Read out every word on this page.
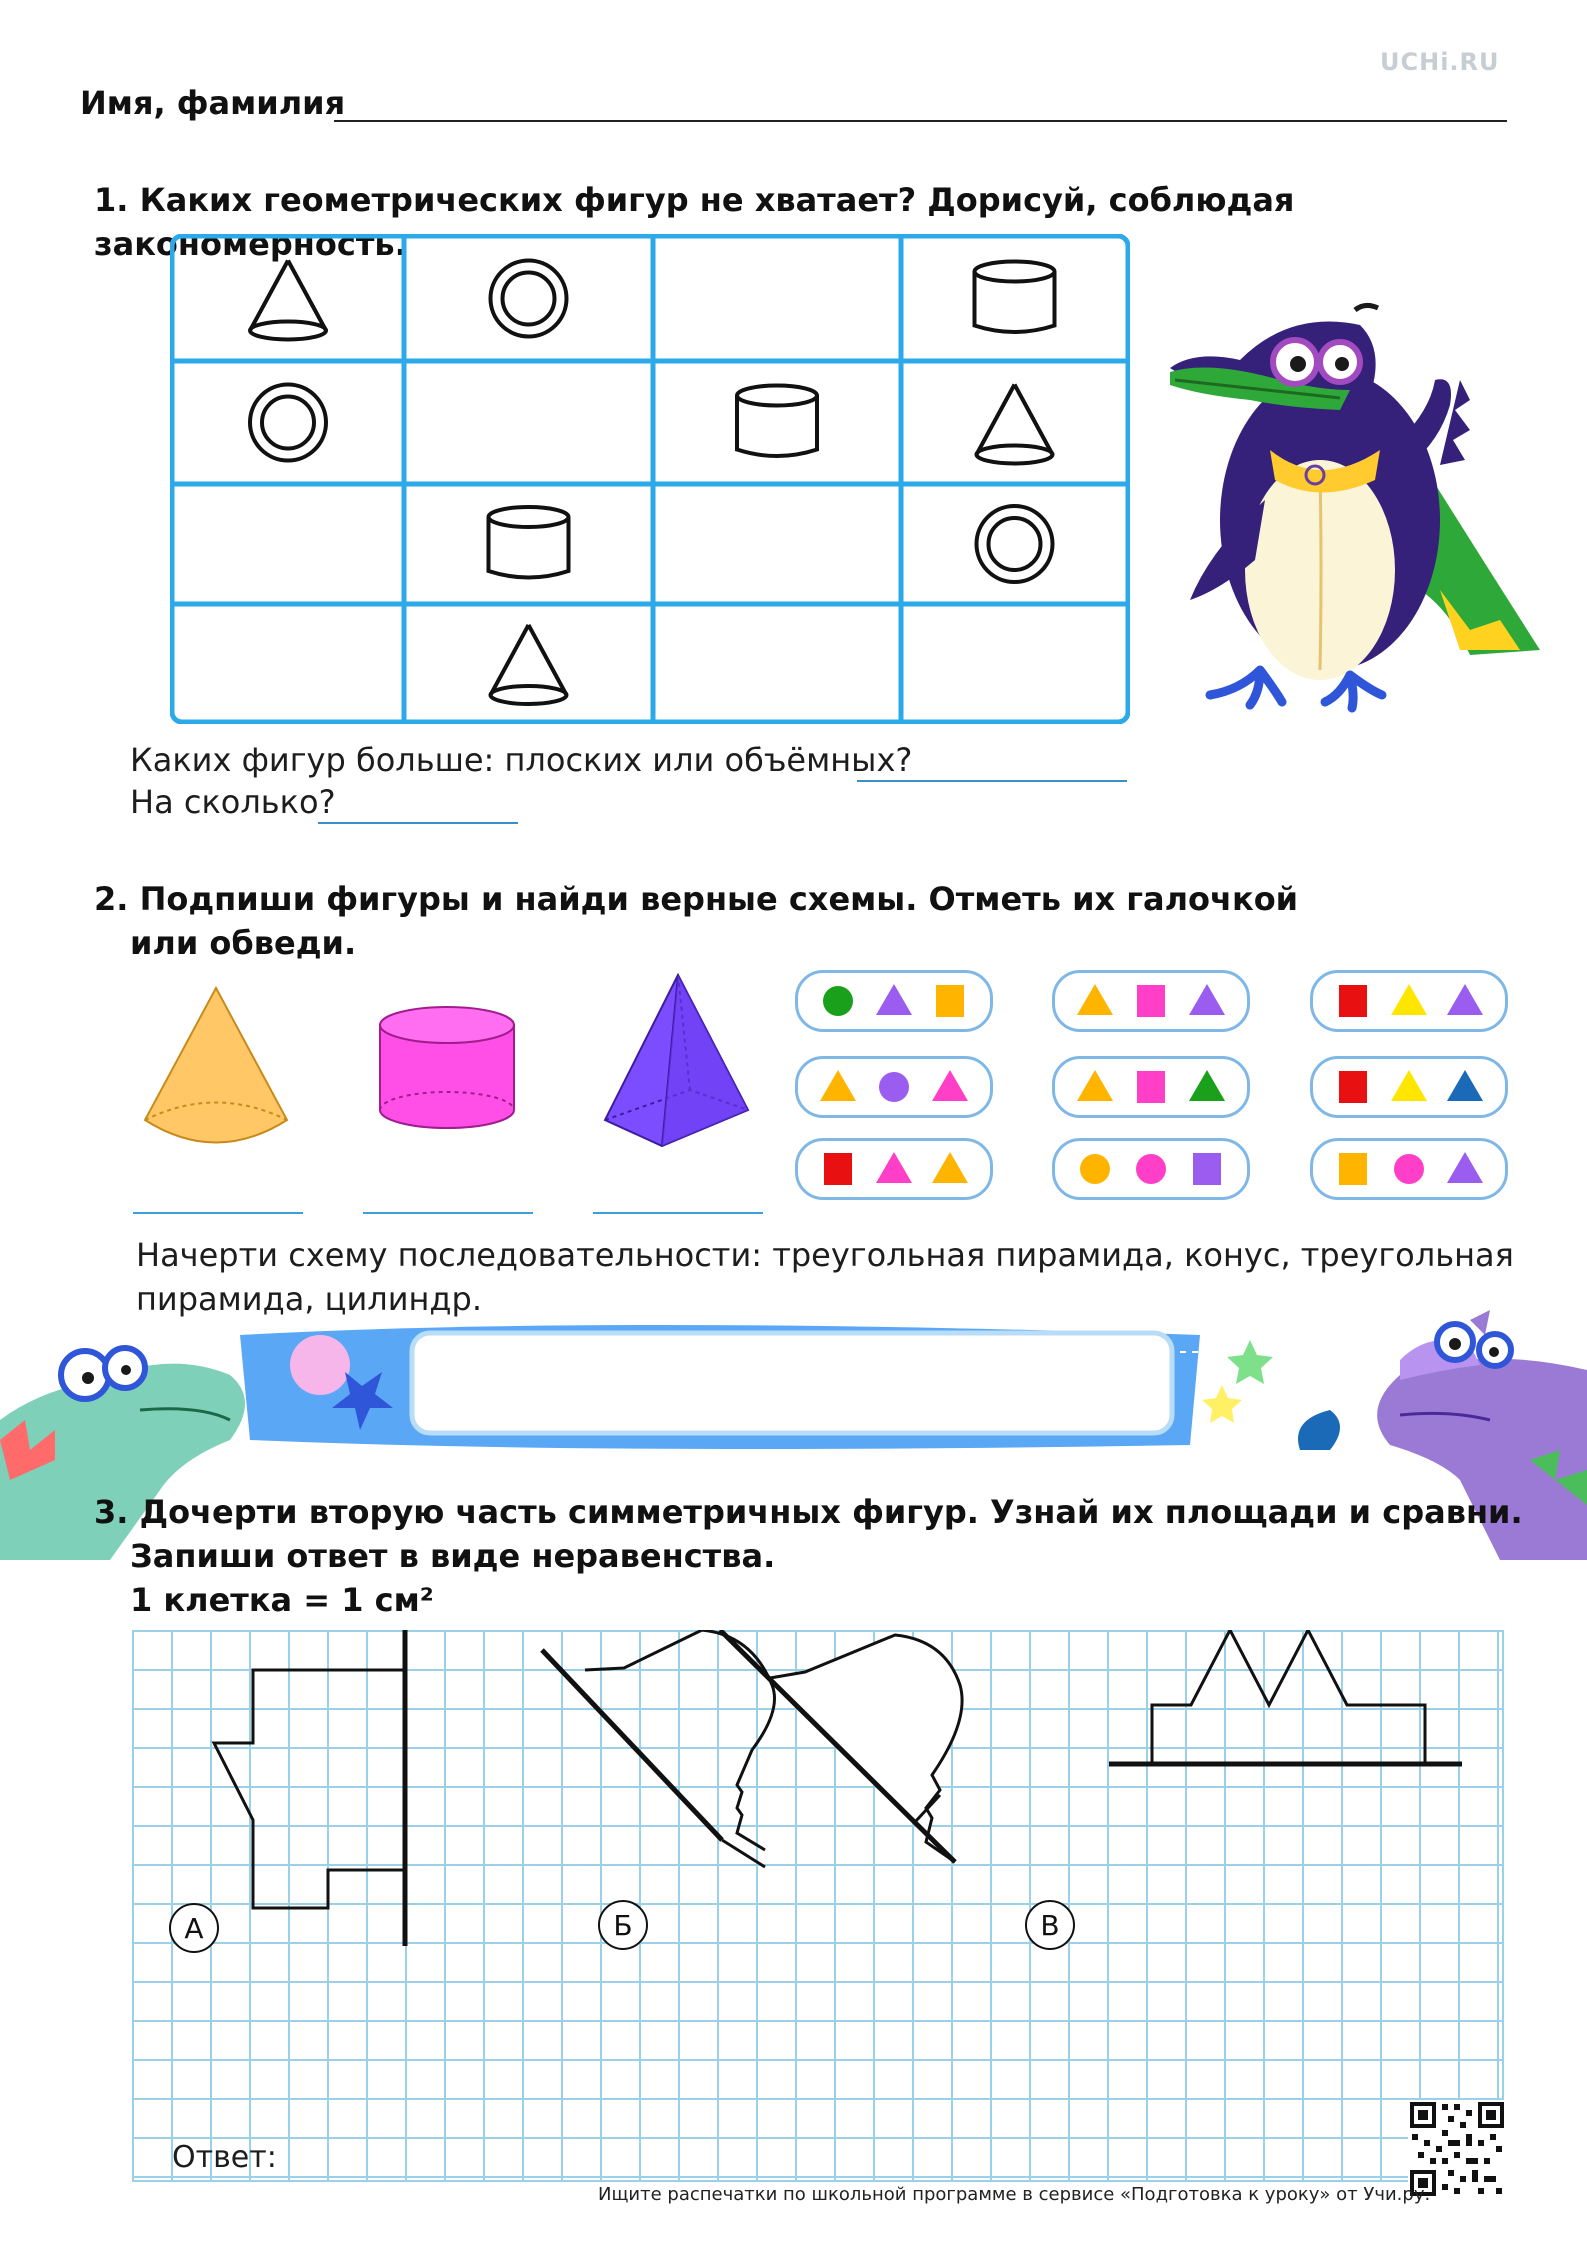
UCHi.RU
Имя, фамилия
1. Каких геометрических фигур не хватает? Дорисуй, соблюдая закономерность.
Каких фигур больше: плоских или объёмных?
На сколько?
2. Подпиши фигуры и найди верные схемы. Отметь их галочкой
или обведи.
Начерти схему последовательности: треугольная пирамида, конус, треугольная
пирамида, цилиндр.
3. Дочерти вторую часть симметричных фигур. Узнай их площади и сравни.
Запиши ответ в виде неравенства.
1 клетка = 1 см²
А	Б	В
Ответ:
Ищите распечатки по школьной программе в сервисе «Подготовка к уроку» от Учи.ру.
